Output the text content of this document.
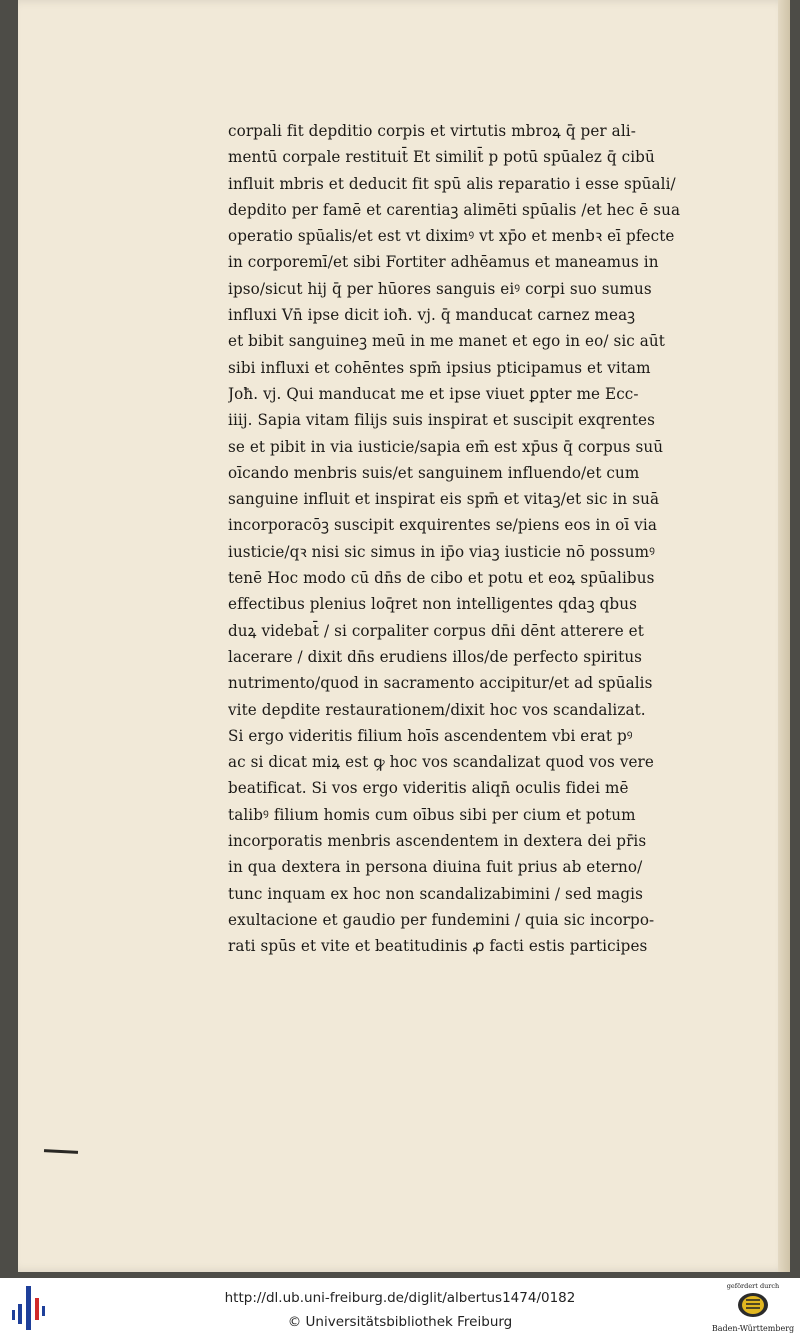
corpali fit depditio corpis et virtutis mbroꝝ q̄ per ali-
mentū corpale restituit̄ Et similit̄ p potū spūalez q̄ cibū
influit mbris et deducit fit spū alis reparatio i esse spūali/
depdito per famē et carentiaꝫ alimēti spūalis /et hec ē sua
operatio spūalis/et est vt diximꝰ vt xp̄o et menbꝛ eī pfecte
in corporemī/et sibi Fortiter adhēamus et maneamus in
ipso/sicut hij q̄ per hūores sanguis eiꝰ corpi suo sumus
influxi Vn̄ ipse dicit ioħ. vj. q̄ manducat carnez meaꝫ
et bibit sanguineꝫ meū in me manet et ego in eo/ sic aūt
sibi influxi et cohēntes spm̄ ipsius pticipamus et vitam
Joħ. vj. Qui manducat me et ipse viuet ꝑpter me Ecc-
iiij. Sapia vitam filijs suis inspirat et suscipit exqrentes
se et pibit in via iusticie/sapia em̄ est xp̄us q̄ corpus suū
oīcando menbris suis/et sanguinem influendo/et cum
sanguine influit et inspirat eis spm̄ et vitaꝫ/et sic in suā
incorporacōꝫ suscipit exquirentes se/piens eos in oī via
iusticie/qꝛ nisi sic simus in ip̄o viaꝫ iusticie nō possumꝰ
tenē Hoc modo cū dn̄s de cibo et potu et eoꝝ spūalibus
effectibus plenius loq̄ret non intelligentes qdaꝫ qbus
duꝝ videbat̄ / si corpaliter corpus dn̄i dēnt atterere et
lacerare / dixit dn̄s erudiens illos/de perfecto spiritus
nutrimento/quod in sacramento accipitur/et ad spūalis
vite depdite restaurationem/dixit hoc vos scandalizat.
Si ergo videritis filium hoīs ascendentem vbi erat pꝰ
ac si dicat miꝝ est ꝙ hoc vos scandalizat quod vos vere
beatificat. Si vos ergo videritis aliqn̄ oculis fidei mē
talibꝰ filium homis cum oībus sibi per cium et potum
incorporatis menbris ascendentem in dextera dei pr̄is
in qua dextera in persona diuina fuit prius ab eterno/
tunc inquam ex hoc non scandalizabimini / sed magis
exultacione et gaudio per fundemini / quia sic incorpo-
rati spūs et vite et beatitudinis ꝓ facti estis participes
http://dl.ub.uni-freiburg.de/diglit/albertus1474/0182
© Universitätsbibliothek Freiburg
gefördert durch
Baden-Württemberg
